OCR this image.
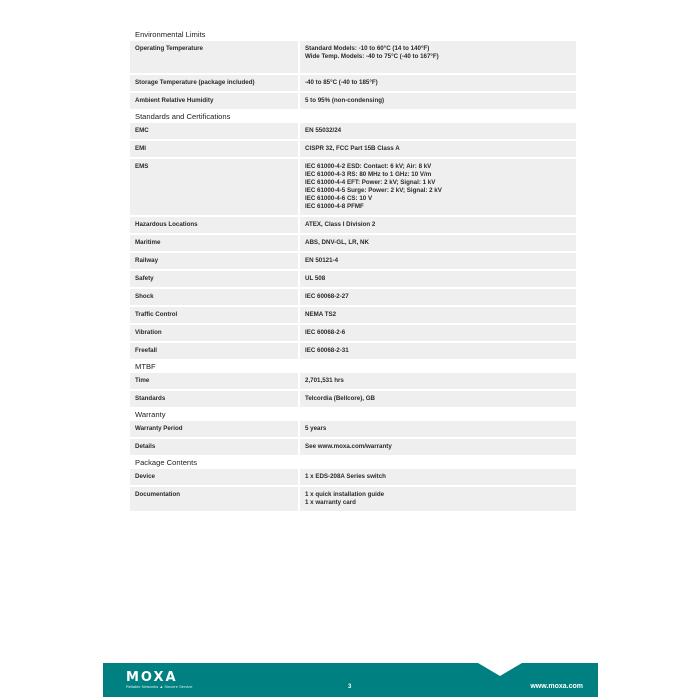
Environmental Limits
Operating Temperature	Standard Models: -10 to 60°C (14 to 140°F)
Wide Temp. Models: -40 to 75°C (-40 to 167°F)

Storage Temperature (package included)	-40 to 85°C (-40 to 185°F)
Ambient Relative Humidity	5 to 95% (non-condensing)
Standards and Certifications
EMC	EN 55032/24
EMI	CISPR 32, FCC Part 15B Class A
EMS	IEC 61000-4-2 ESD: Contact: 6 kV; Air: 8 kV
IEC 61000-4-3 RS: 80 MHz to 1 GHz: 10 V/m
IEC 61000-4-4 EFT: Power: 2 kV; Signal: 1 kV
IEC 61000-4-5 Surge: Power: 2 kV; Signal: 2 kV
IEC 61000-4-6 CS: 10 V
IEC 61000-4-8 PFMF
Hazardous Locations	ATEX, Class I Division 2
Maritime	ABS, DNV-GL, LR, NK
Railway	EN 50121-4
Safety	UL 508
Shock	IEC 60068-2-27
Traffic Control	NEMA TS2
Vibration	IEC 60068-2-6
Freefall	IEC 60068-2-31
MTBF
Time	2,701,531 hrs
Standards	Telcordia (Bellcore), GB
Warranty
Warranty Period	5 years
Details	See www.moxa.com/warranty
Package Contents
Device	1 x EDS-208A Series switch
Documentation	1 x quick installation guide
1 x warranty card
MOXA
Reliable Networks ▲ Sincere Service	3	www.moxa.com
